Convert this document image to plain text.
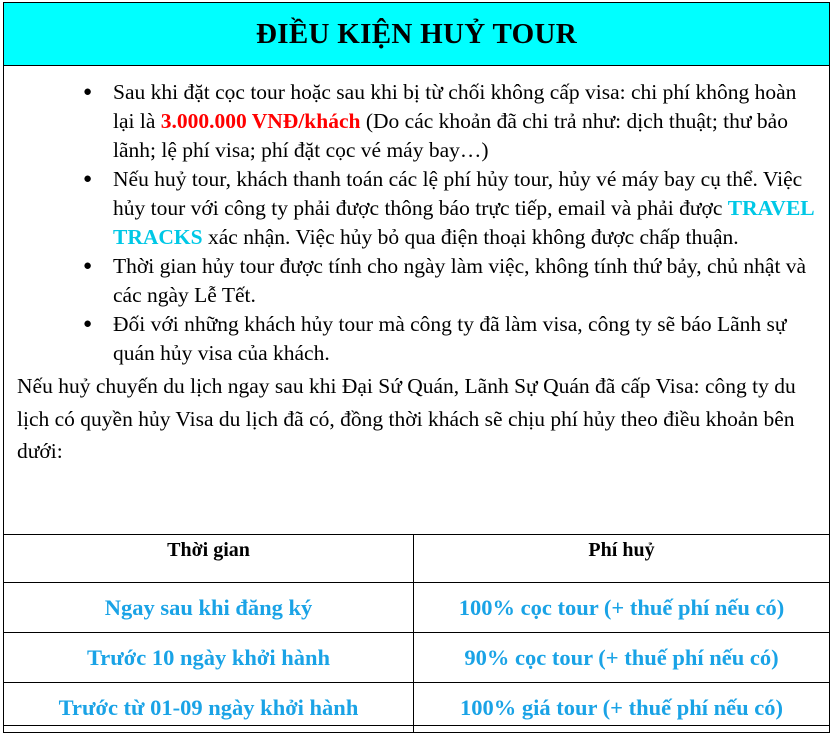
ĐIỀU KIỆN HUỶ TOUR
● Sau khi đặt cọc tour hoặc sau khi bị từ chối không cấp visa: chi phí không hoàn lại là 3.000.000 VNĐ/khách (Do các khoản đã chi trả như: dịch thuật; thư bảo lãnh; lệ phí visa; phí đặt cọc vé máy bay…)
● Nếu huỷ tour, khách thanh toán các lệ phí hủy tour, hủy vé máy bay cụ thể. Việc hủy tour với công ty phải được thông báo trực tiếp, email và phải được TRAVEL TRACKS xác nhận. Việc hủy bỏ qua điện thoại không được chấp thuận.
● Thời gian hủy tour được tính cho ngày làm việc, không tính thứ bảy, chủ nhật và các ngày Lễ Tết.
● Đối với những khách hủy tour mà công ty đã làm visa, công ty sẽ báo Lãnh sự quán hủy visa của khách.
Nếu huỷ chuyến du lịch ngay sau khi Đại Sứ Quán, Lãnh Sự Quán đã cấp Visa: công ty du lịch có quyền hủy Visa du lịch đã có, đồng thời khách sẽ chịu phí hủy theo điều khoản bên dưới:
Thời gian	Phí huỷ
Ngay sau khi đăng ký	100% cọc tour (+ thuế phí nếu có)
Trước 10 ngày khởi hành	90% cọc tour (+ thuế phí nếu có)
Trước từ 01-09 ngày khởi hành	100% giá tour (+ thuế phí nếu có)
